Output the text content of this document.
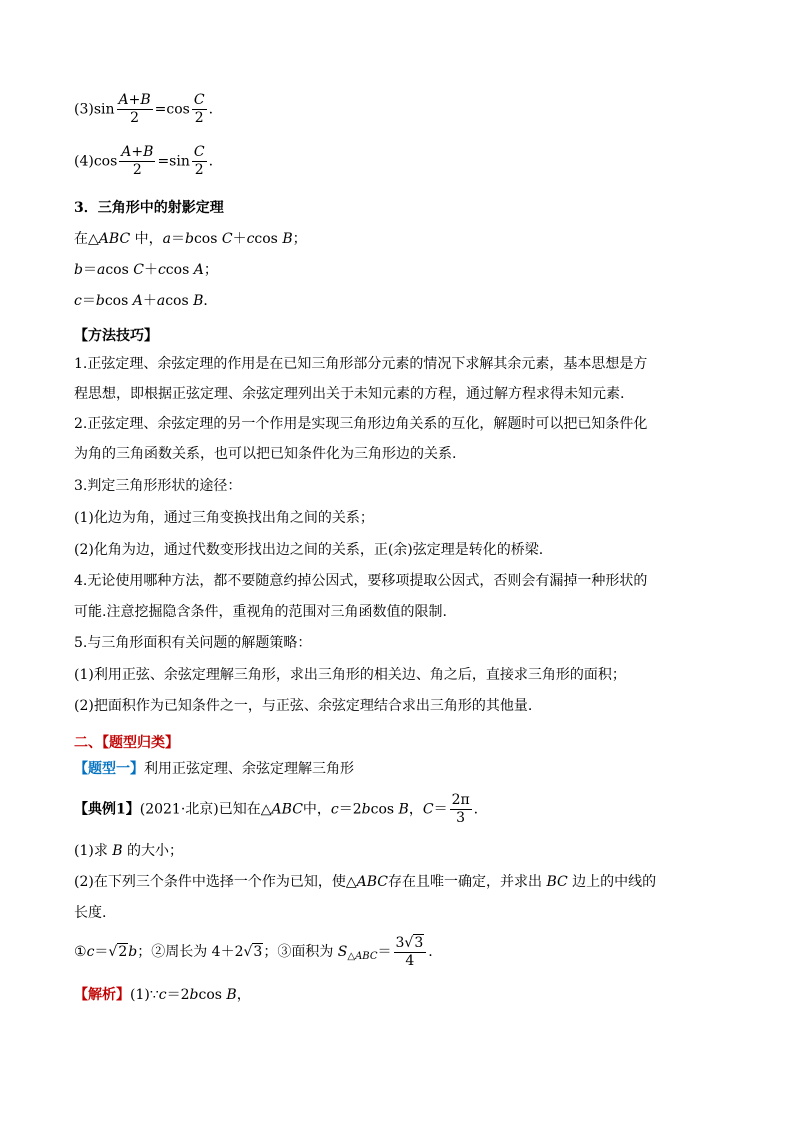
$(3)\sin \frac{A+B}{2} =\cos \frac{C}{2}$ .
$(4)\cos \frac{A+B}{2} =\sin \frac{C}{2}$ .
3．三角形中的射影定理
在△ABC 中，a＝bcos C＋ccos B；
b＝acos C＋ccos A；
c＝bcos A＋acos B．
【方法技巧】
1.正弦定理、余弦定理的作用是在已知三角形部分元素的情况下求解其余元素，基本思想是方
程思想，即根据正弦定理、余弦定理列出关于未知元素的方程，通过解方程求得未知元素.
2.正弦定理、余弦定理的另一个作用是实现三角形边角关系的互化，解题时可以把已知条件化
为角的三角函数关系，也可以把已知条件化为三角形边的关系.
3.判定三角形形状的途径：
(1)化边为角，通过三角变换找出角之间的关系；
(2)化角为边，通过代数变形找出边之间的关系，正(余)弦定理是转化的桥梁.
4.无论使用哪种方法，都不要随意约掉公因式，要移项提取公因式，否则会有漏掉一种形状的
可能.注意挖掘隐含条件，重视角的范围对三角函数值的限制.
5.与三角形面积有关问题的解题策略：
(1)利用正弦、余弦定理解三角形，求出三角形的相关边、角之后，直接求三角形的面积；
(2)把面积作为已知条件之一，与正弦、余弦定理结合求出三角形的其他量.
二、【题型归类】
【题型一】利用正弦定理、余弦定理解三角形
【典例1】(2021·北京)已知在△ABC中，c＝2bcos B，$C= \frac{2\pi}{3}$ .
(1)求 B 的大小；
(2)在下列三个条件中选择一个作为已知，使△ABC存在且唯一确定，并求出 BC 边上的中线的
长度.
①c＝√2b；②周长为 4＋2√3；③面积为 $S_{\triangle ABC}= \frac{3√3}{4}$ .
【解析】(1)∵c＝2bcos B，
